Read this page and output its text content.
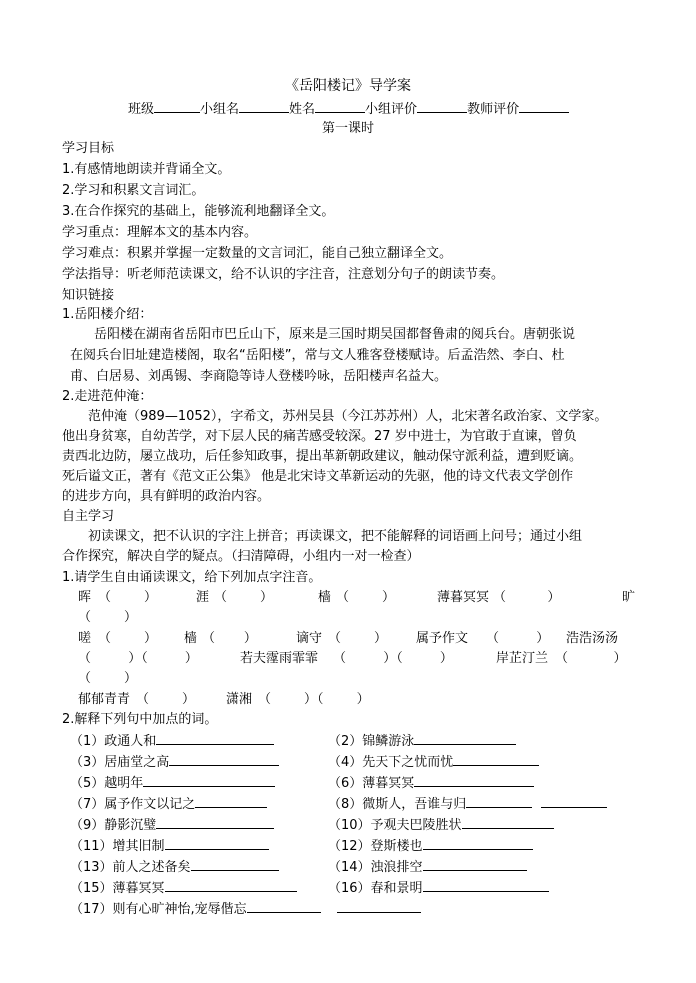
《岳阳楼记》导学案
班级	小组名	姓名	小组评价	教师评价
第一课时
学习目标
1.有感情地朗读并背诵全文。
2.学习和积累文言词汇。
3.在合作探究的基础上，能够流利地翻译全文。
学习重点：理解本文的基本内容。
学习难点：积累并掌握一定数量的文言词汇，能自己独立翻译全文。
学法指导：听老师范读课文，给不认识的字注音，注意划分句子的朗读节奏。
知识链接
1.岳阳楼介绍：
岳阳楼在湖南省岳阳市巴丘山下，原来是三国时期吴国都督鲁肃的阅兵台。唐朝张说
在阅兵台旧址建造楼阁，取名“岳阳楼”，常与文人雅客登楼赋诗。后孟浩然、李白、杜
甫、白居易、刘禹锡、李商隐等诗人登楼吟咏，岳阳楼声名益大。
2.走进范仲淹：
范仲淹（989—1052），字希文，苏州吴县（今江苏苏州）人，北宋著名政治家、文学家。
他出身贫寒，自幼苦学，对下层人民的痛苦感受较深。27 岁中进士，为官敢于直谏，曾负
责西北边防，屡立战功，后任参知政事，提出革新朝政建议，触动保守派利益，遭到贬谪。
死后谥文正，著有《范文正公集》 他是北宋诗文革新运动的先驱，他的诗文代表文学创作
的进步方向，具有鲜明的政治内容。
自主学习
初读课文，把不认识的字注上拼音；再读课文，把不能解释的词语画上问号；通过小组
合作探究，解决自学的疑点。（扫清障碍，小组内一对一检查）
1.请学生自由诵读课文，给下列加点字注音。
晖 （        ）	涯 （        ）	樯 （        ）	薄暮冥冥 （          ）	旷
（        ）
嗟 （        ） 樯 （       ）	谪守 （        ） 属予作文 （         ） 浩浩汤汤
（         ）（         ）	若夫霪雨霏霏 （         ）（         ）	岸芷汀兰 （           ）
（        ）
郁郁青青 （        ） 潇湘 （        ）（        ）
2.解释下列句中加点的词。
（1）政通人和	（2）锦鳞游泳
（3）居庙堂之高	（4）先天下之忧而忧
（5）越明年	（6）薄暮冥冥
（7）属予作文以记之	（8）微斯人，吾谁与归
（9）静影沉璧	（10）予观夫巴陵胜状
（11）增其旧制	（12）登斯楼也
（13）前人之述备矣	（14）浊浪排空
（15）薄暮冥冥	（16）春和景明
（17）则有心旷神怡,宠辱偕忘
